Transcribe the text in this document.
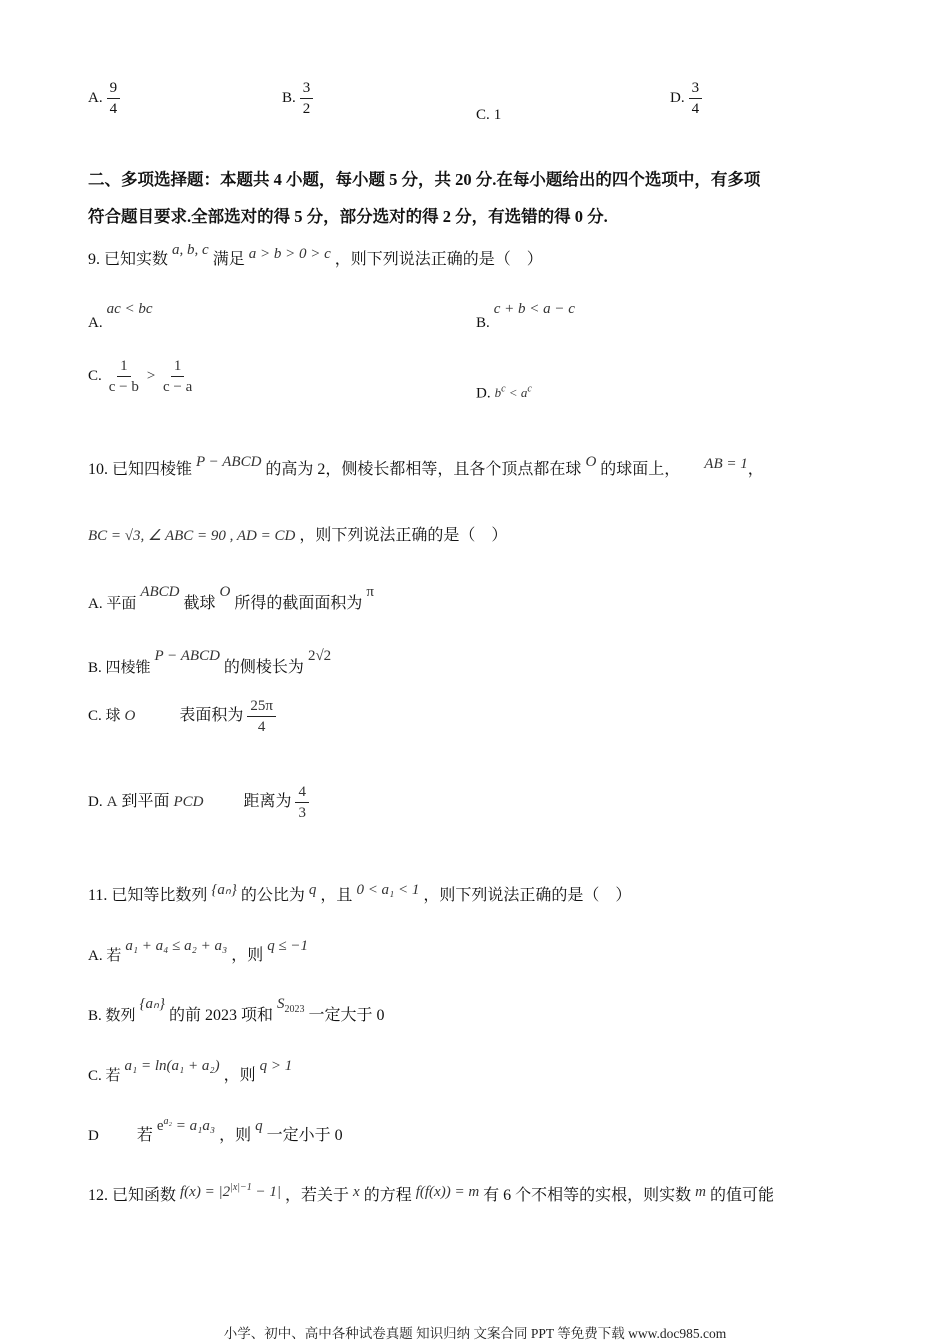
A. $\frac{9}{4}$	B. $\frac{3}{2}$	C. 1
D. $\frac{3}{4}$
二、多项选择题：本题共 4 小题，每小题 5 分，共 20 分.在每小题给出的四个选项中，有多项
符合题目要求.全部选对的得 5 分，部分选对的得 2 分，有选错的得 0 分.
9. 已知实数 a, b, c 满足 a > b > 0 > c ，则下列说法正确的是（　）
A. ac < bc
B. c + b < a − c
C. $\frac{1}{c - b} > \frac{1}{c - a}$	D. $b^c < a^c$
10. 已知四棱锥 P − ABCD 的高为 2，侧棱长都相等，且各个顶点都在球 O 的球面上， AB = 1，
BC = √3, ∠ ABC = 90 , AD = CD ，则下列说法正确的是（　）
A. 平面 ABCD 截球 O 所得的截面面积为 π
B. 四棱锥 P − ABCD 的侧棱长为 2√2
C. 球 O	表面积为 $\frac{25\pi}{4}$
D. A 到平面 PCD	距离为 $\frac{4}{3}$
11. 已知等比数列 {aₙ} 的公比为 q ，且 0 < a₁ < 1 ，则下列说法正确的是（　）
A. 若 a₁ + a₄ ≤ a₂ + a₃ ，则 q ≤ −1
B. 数列 {aₙ} 的前 2023 项和 $S_{2023}$ 一定大于 0
C. 若 a₁ = ln(a₁ + a₂) ，则 q > 1
D 若 $e^{a_2} = a_1a_3$ ，则 q 一定小于 0
12. 已知函数 $f(x) = |2^{|x|-1} - 1|$ ，若关于 x 的方程 f(f(x)) = m 有 6 个不相等的实根，则实数 m 的值可能
小学、初中、高中各种试卷真题 知识归纳 文案合同 PPT 等免费下载 www.doc985.com
